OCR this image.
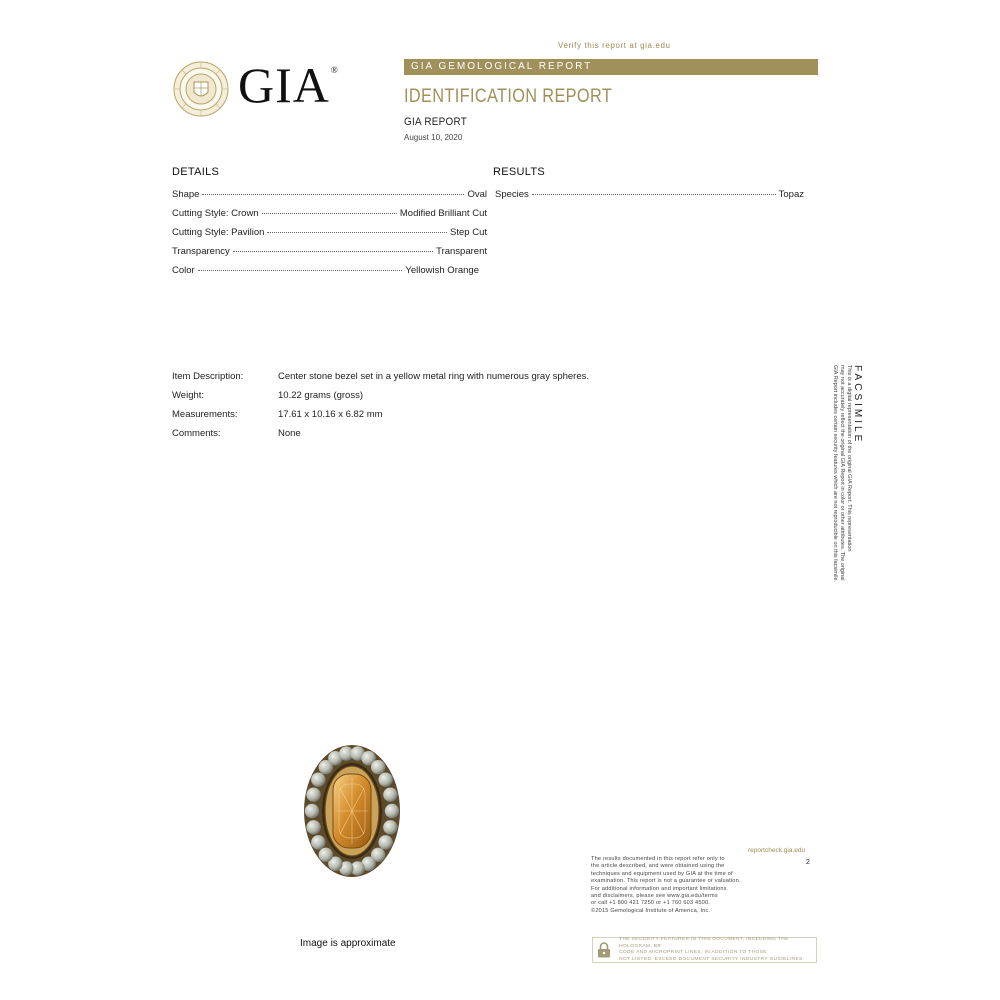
Verify this report at gia.edu
GIA®	GIA GEMOLOGICAL REPORT
IDENTIFICATION REPORT
GIA REPORT
August 10, 2020
DETAILS
Shape	Oval
Cutting Style: Crown	Modified Brilliant Cut
Cutting Style: Pavilion	Step Cut
Transparency	Transparent
Color	Yellowish Orange
RESULTS
Species	Topaz
Item Description:	Center stone bezel set in a yellow metal ring with numerous gray spheres.
Weight:	10.22 grams (gross)
Measurements:	17.61 x 10.16 x 6.82 mm
Comments:	None	FACSIMILE
This is a digital representation of the original GIA Report. This representation
may not accurately reflect the original GIA Report in color or other attributes. The original
GIA Report includes certain security features which are not reproducible on this facsimile.
Image is approximate
reportcheck.gia.edu
2
The results documented in this report refer only to
the article described, and were obtained using the
techniques and equipment used by GIA at the time of
examination. This report is not a guarantee or valuation.
For additional information and important limitations
and disclaimers, please see www.gia.edu/terms
or call +1 800 421 7250 or +1 760 603 4500.
©2015 Gemological Institute of America, Inc.
THE SECURITY FEATURES IN THIS DOCUMENT, INCLUDING THE HOLOGRAM, BR
CODE AND MICROPRINT LINES, IN ADDITION TO THOSE
NOT LISTED, EXCEED DOCUMENT SECURITY INDUSTRY GUIDELINES.
